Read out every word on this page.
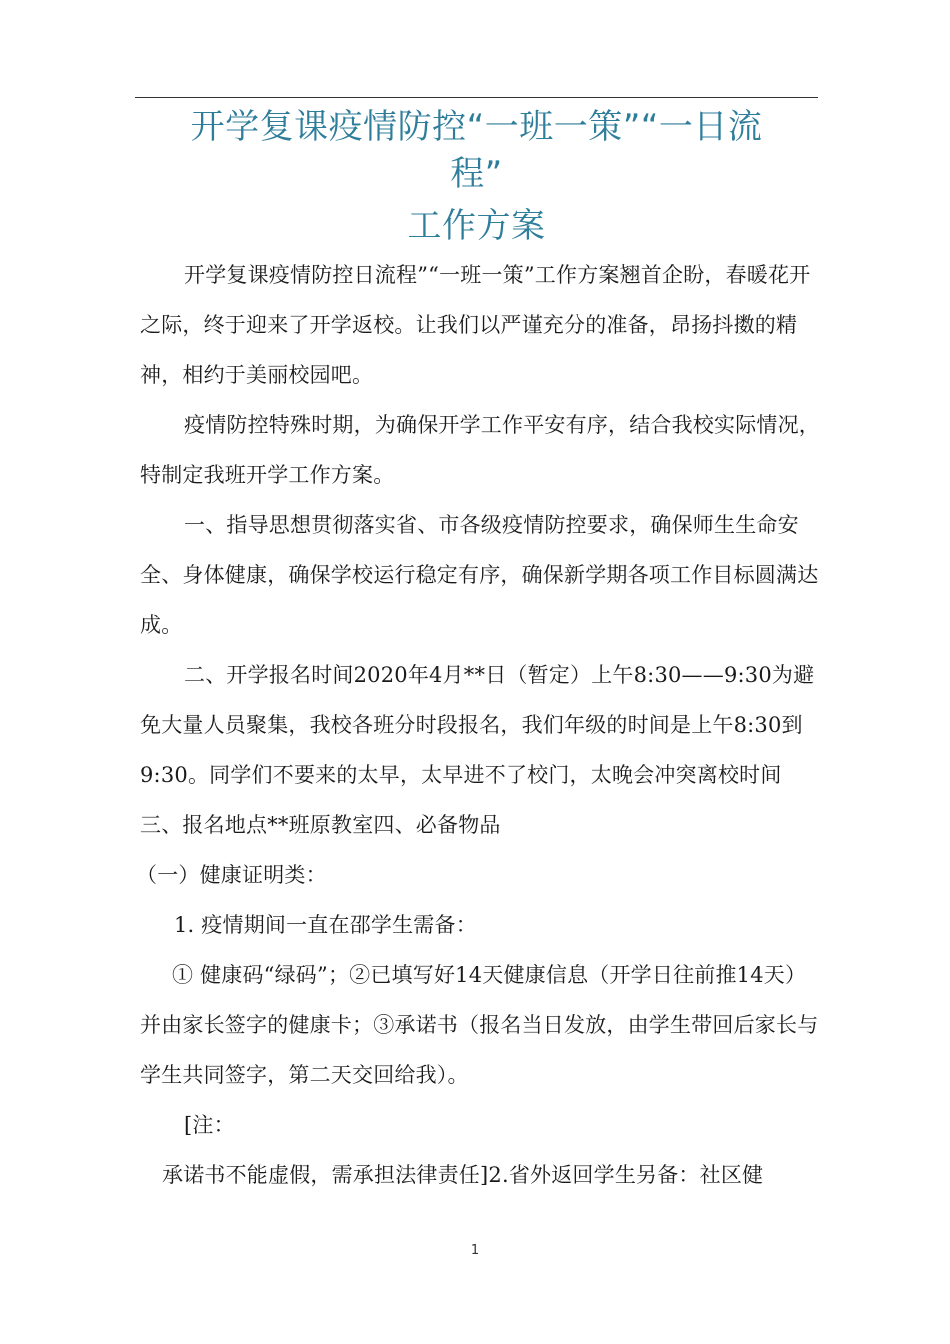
开学复课疫情防控“一班一策”“一日流
程”
工作方案

开学复课疫情防控日流程”“一班一策”工作方案翘首企盼，春暖花开之际，终于迎来了开学返校。让我们以严谨充分的准备，昂扬抖擞的精神，相约于美丽校园吧。

疫情防控特殊时期，为确保开学工作平安有序，结合我校实际情况，特制定我班开学工作方案。

一、指导思想贯彻落实省、市各级疫情防控要求，确保师生生命安全、身体健康，确保学校运行稳定有序，确保新学期各项工作目标圆满达成。

二、开学报名时间2020年4月**日（暂定）上午8:30——9:30为避免大量人员聚集，我校各班分时段报名，我们年级的时间是上午8:30到9:30。同学们不要来的太早，太早进不了校门，太晚会冲突离校时间三、报名地点**班原教室四、必备物品

（一）健康证明类：

1. 疫情期间一直在邵学生需备：

① 健康码“绿码”；②已填写好14天健康信息（开学日往前推14天）并由家长签字的健康卡；③承诺书（报名当日发放，由学生带回后家长与学生共同签字，第二天交回给我）。

[注：

承诺书不能虚假，需承担法律责任]2.省外返回学生另备：社区健

1
